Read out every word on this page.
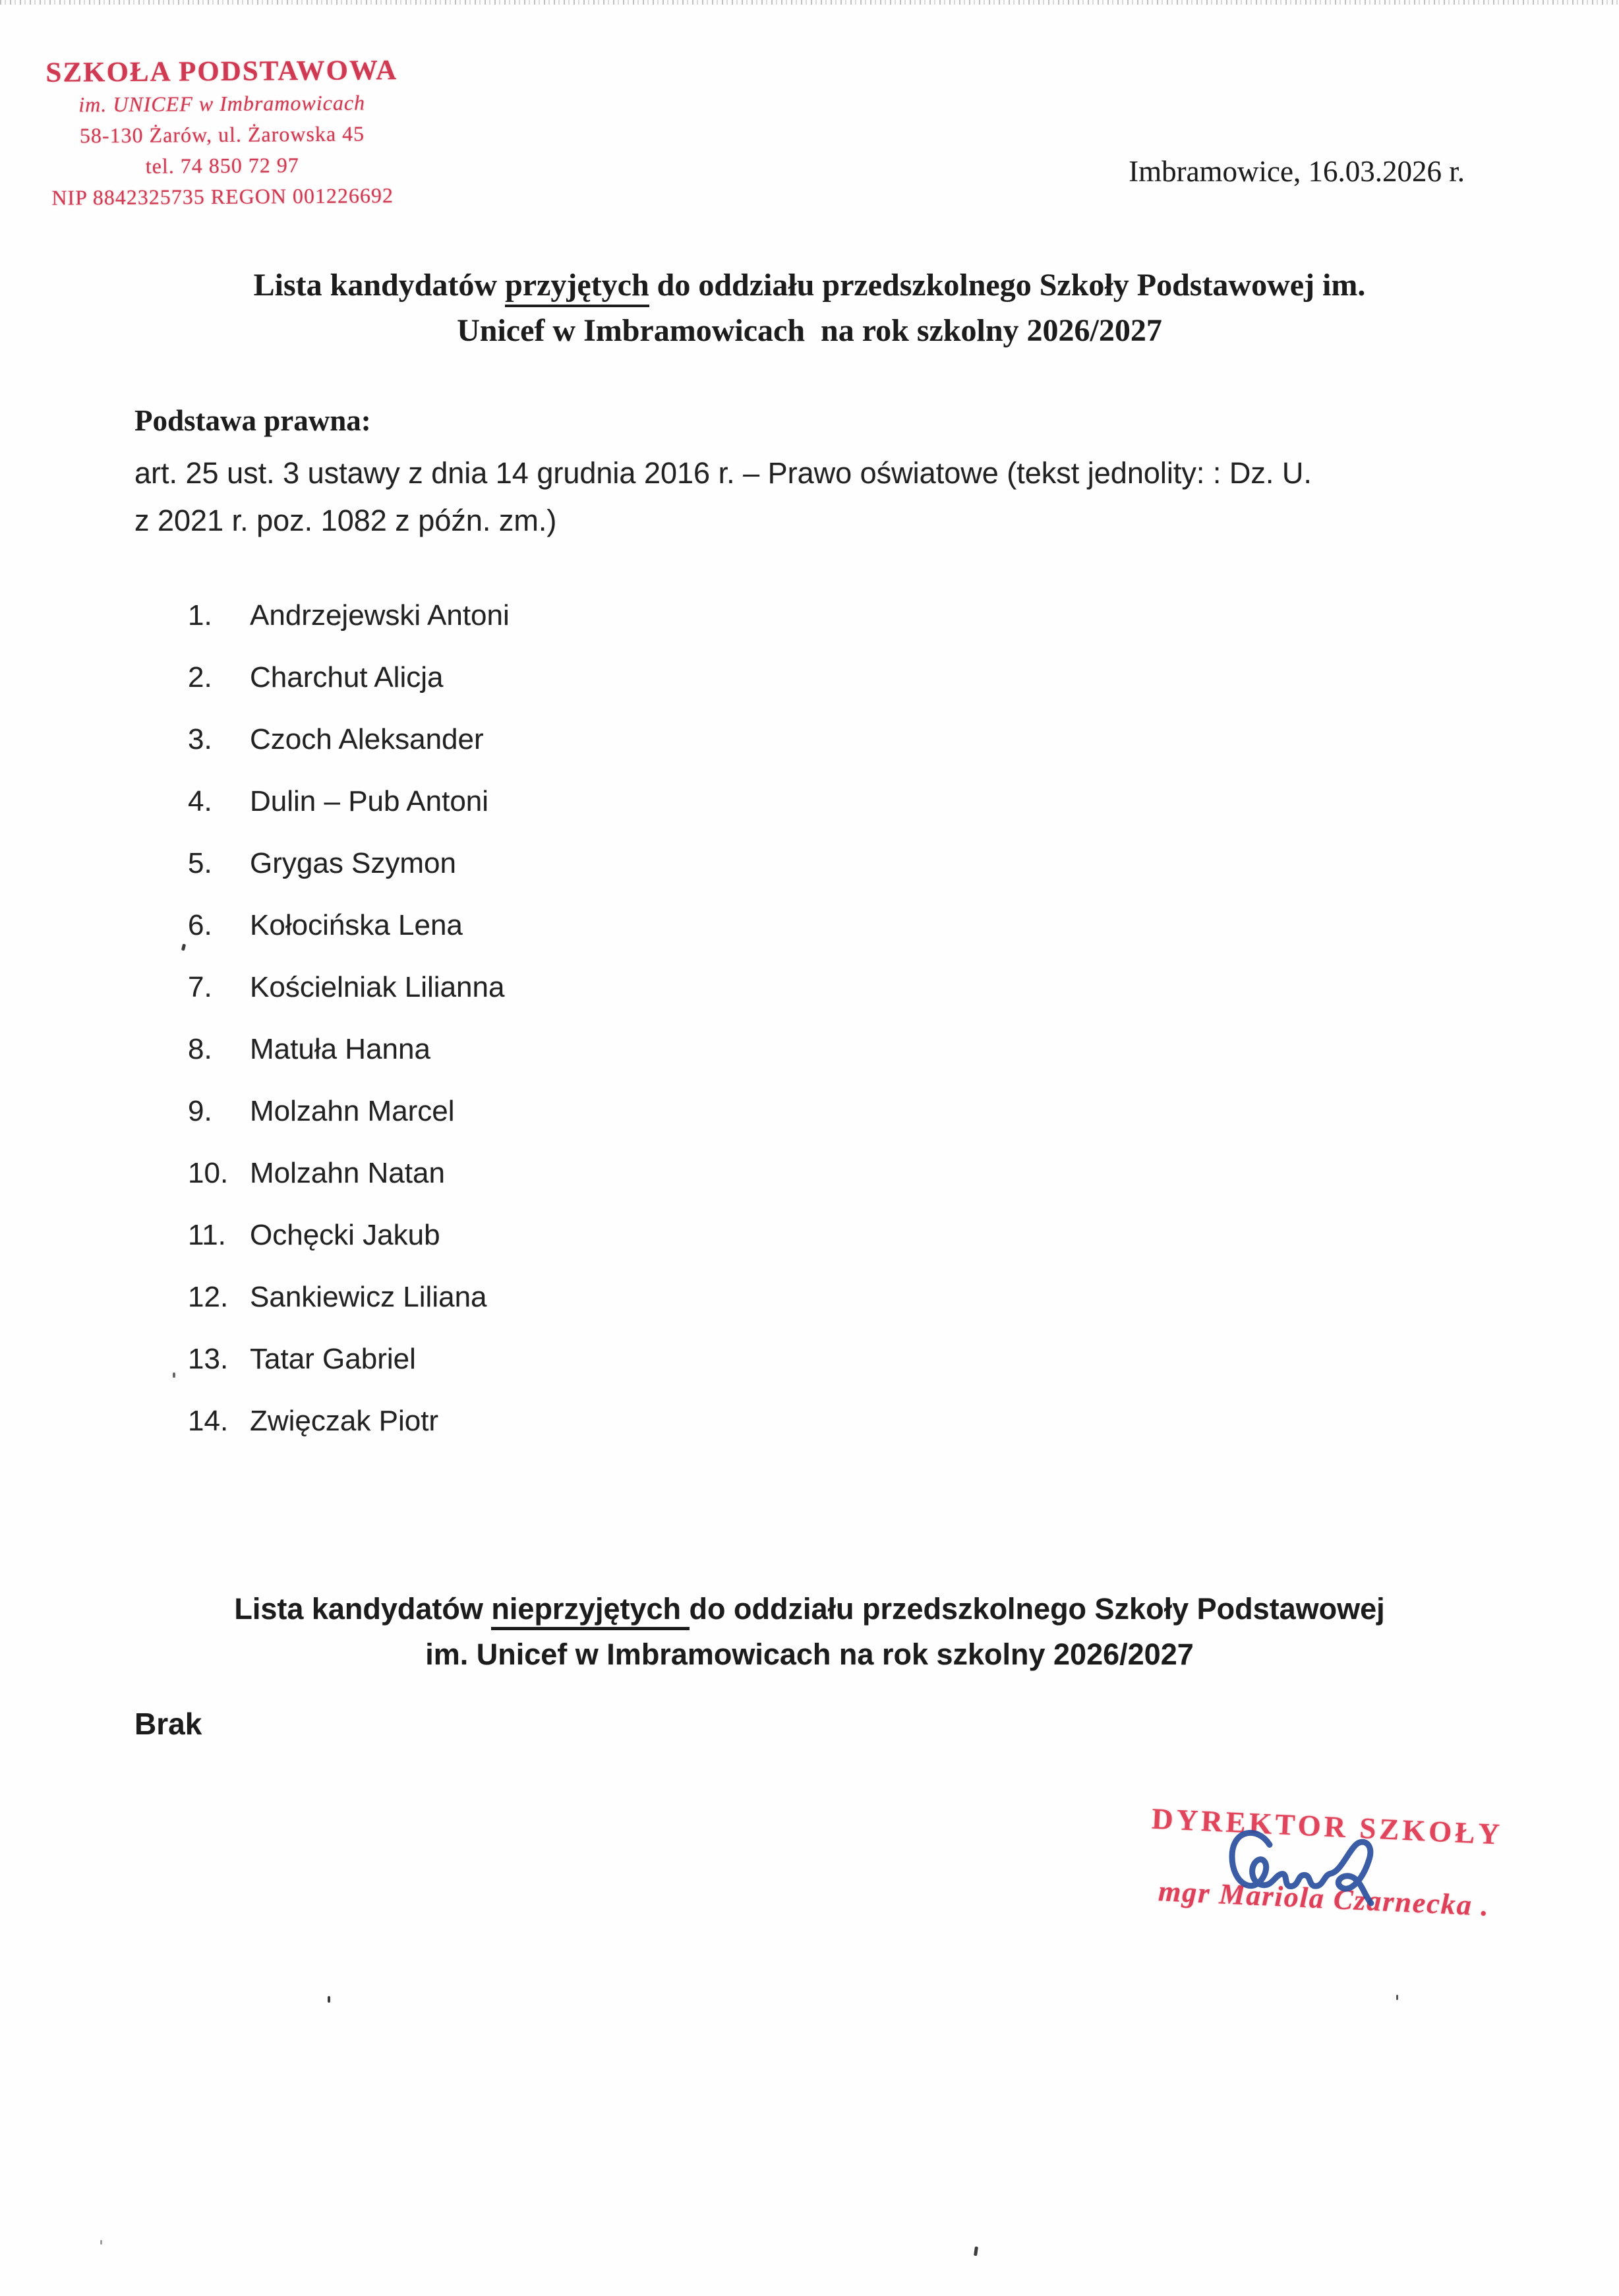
SZKOŁA PODSTAWOWA
im. UNICEF w Imbramowicach
58-130 Żarów, ul. Żarowska 45
tel. 74 850 72 97
NIP 8842325735 REGON 001226692
Imbramowice, 16.03.2026 r.
Lista kandydatów przyjętych do oddziału przedszkolnego Szkoły Podstawowej im.
Unicef w Imbramowicach  na rok szkolny 2026/2027
Podstawa prawna:
art. 25 ust. 3 ustawy z dnia 14 grudnia 2016 r. – Prawo oświatowe (tekst jednolity: : Dz. U.
z 2021 r. poz. 1082 z późn. zm.)
1.	Andrzejewski Antoni
2.	Charchut Alicja
3.	Czoch Aleksander
4.	Dulin – Pub Antoni
5.	Grygas Szymon
6.	Kołocińska Lena
7.	Kościelniak Lilianna
8.	Matuła Hanna
9.	Molzahn Marcel
10. Molzahn Natan
11. Ochęcki Jakub
12. Sankiewicz Liliana
13. Tatar Gabriel
14. Zwięczak Piotr
Lista kandydatów nieprzyjętych do oddziału przedszkolnego Szkoły Podstawowej
im. Unicef w Imbramowicach na rok szkolny 2026/2027
Brak
DYREKTOR SZKOŁY
mgr Mariola Czarnecka .
